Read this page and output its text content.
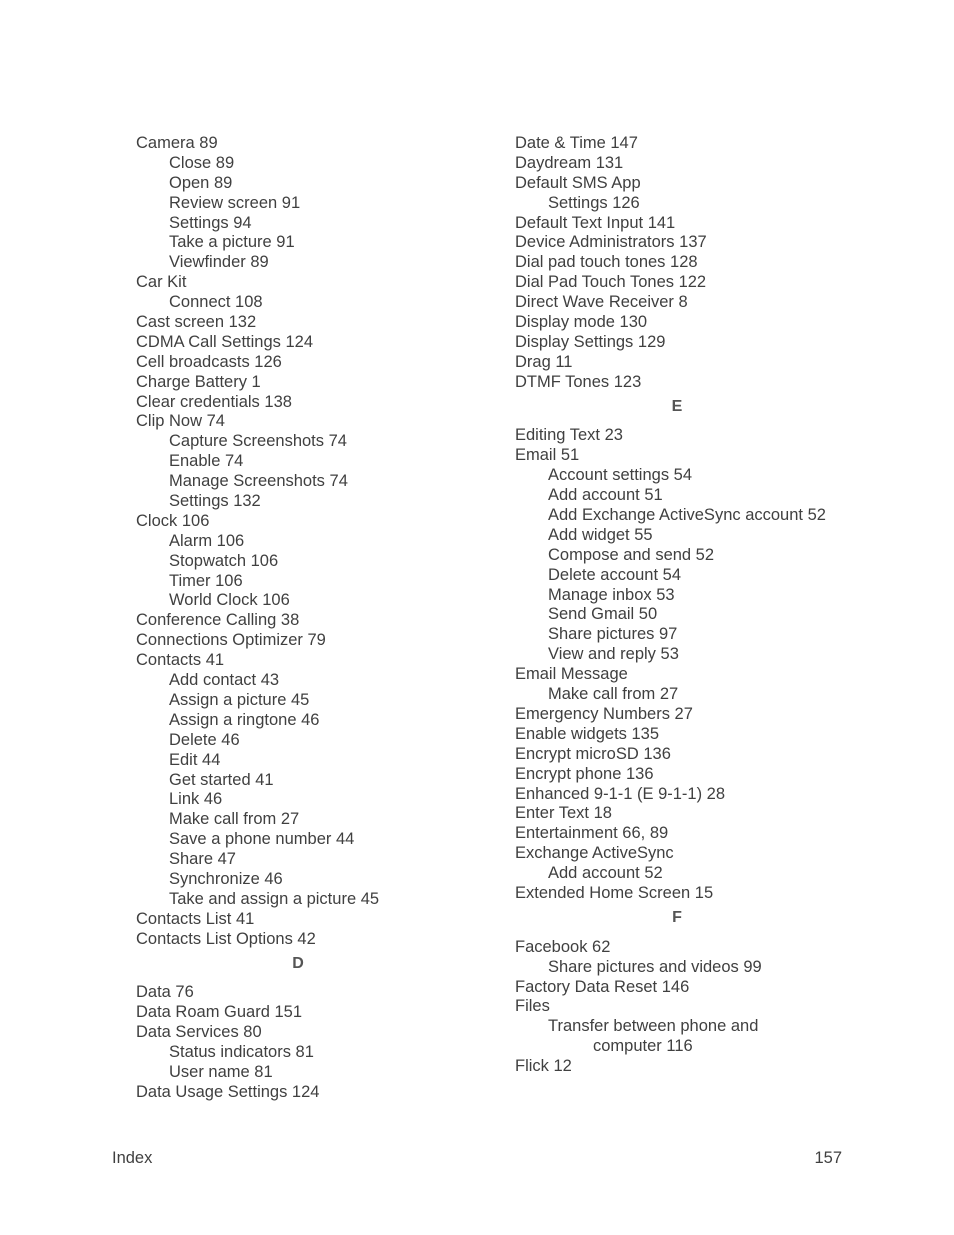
Camera 89
Close 89
Open 89
Review screen 91
Settings 94
Take a picture 91
Viewfinder 89
Car Kit
Connect 108
Cast screen 132
CDMA Call Settings 124
Cell broadcasts 126
Charge Battery 1
Clear credentials 138
Clip Now 74
Capture Screenshots 74
Enable 74
Manage Screenshots 74
Settings 132
Clock 106
Alarm 106
Stopwatch 106
Timer 106
World Clock 106
Conference Calling 38
Connections Optimizer 79
Contacts 41
Add contact 43
Assign a picture 45
Assign a ringtone 46
Delete 46
Edit 44
Get started 41
Link 46
Make call from 27
Save a phone number 44
Share 47
Synchronize 46
Take and assign a picture 45
Contacts List 41
Contacts List Options 42
D
Data 76
Data Roam Guard 151
Data Services 80
Status indicators 81
User name 81
Data Usage Settings 124
Date & Time 147
Daydream 131
Default SMS App
Settings 126
Default Text Input 141
Device Administrators 137
Dial pad touch tones 128
Dial Pad Touch Tones 122
Direct Wave Receiver 8
Display mode 130
Display Settings 129
Drag 11
DTMF Tones 123
E
Editing Text 23
Email 51
Account settings 54
Add account 51
Add Exchange ActiveSync account 52
Add widget 55
Compose and send 52
Delete account 54
Manage inbox 53
Send Gmail 50
Share pictures 97
View and reply 53
Email Message
Make call from 27
Emergency Numbers 27
Enable widgets 135
Encrypt microSD 136
Encrypt phone 136
Enhanced 9-1-1 (E 9-1-1) 28
Enter Text 18
Entertainment 66, 89
Exchange ActiveSync
Add account 52
Extended Home Screen 15
F
Facebook 62
Share pictures and videos 99
Factory Data Reset 146
Files
Transfer between phone and
computer 116
Flick 12
Index	157
